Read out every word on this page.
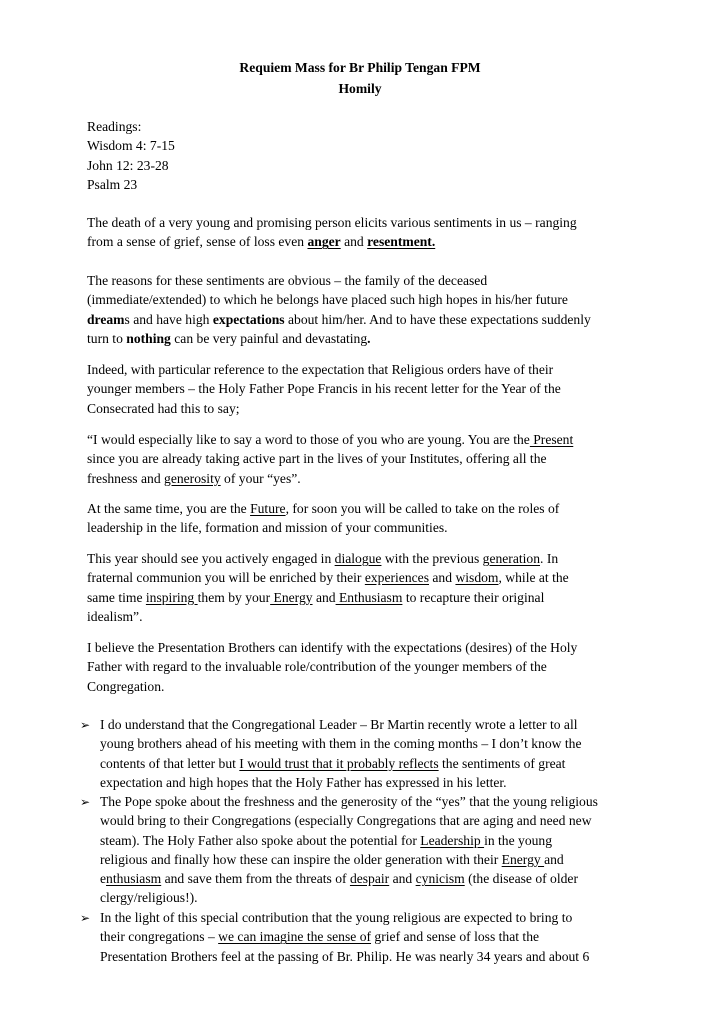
Requiem Mass for Br Philip Tengan FPM
Homily
Readings:
Wisdom 4: 7-15
John 12: 23-28
Psalm 23
The death of a very young and promising person elicits various sentiments in us – ranging
from a sense of grief, sense of loss even anger and resentment.
The reasons for these sentiments are obvious – the family of the deceased
(immediate/extended) to which he belongs have placed such high hopes in his/her future
dreams and have high expectations about him/her. And to have these expectations suddenly
turn to nothing can be very painful and devastating.
Indeed, with particular reference to the expectation that Religious orders have of their
younger members – the Holy Father Pope Francis in his recent letter for the Year of the
Consecrated had this to say;
“I would especially like to say a word to those of you who are young. You are the Present
since you are already taking active part in the lives of your Institutes, offering all the
freshness and generosity of your “yes”.
At the same time, you are the Future, for soon you will be called to take on the roles of
leadership in the life, formation and mission of your communities.
This year should see you actively engaged in dialogue with the previous generation. In
fraternal communion you will be enriched by their experiences and wisdom, while at the
same time inspiring them by your Energy and Enthusiasm to recapture their original
idealism”.
I believe the Presentation Brothers can identify with the expectations (desires) of the Holy
Father with regard to the invaluable role/contribution of the younger members of the
Congregation.
➢ I do understand that the Congregational Leader – Br Martin recently wrote a letter to all
young brothers ahead of his meeting with them in the coming months – I don’t know the
contents of that letter but I would trust that it probably reflects the sentiments of great
expectation and high hopes that the Holy Father has expressed in his letter.
➢ The Pope spoke about the freshness and the generosity of the “yes” that the young religious
would bring to their Congregations (especially Congregations that are aging and need new
steam). The Holy Father also spoke about the potential for Leadership in the young
religious and finally how these can inspire the older generation with their Energy and
enthusiasm and save them from the threats of despair and cynicism (the disease of older
clergy/religious!).
➢ In the light of this special contribution that the young religious are expected to bring to
their congregations – we can imagine the sense of grief and sense of loss that the
Presentation Brothers feel at the passing of Br. Philip. He was nearly 34 years and about 6
